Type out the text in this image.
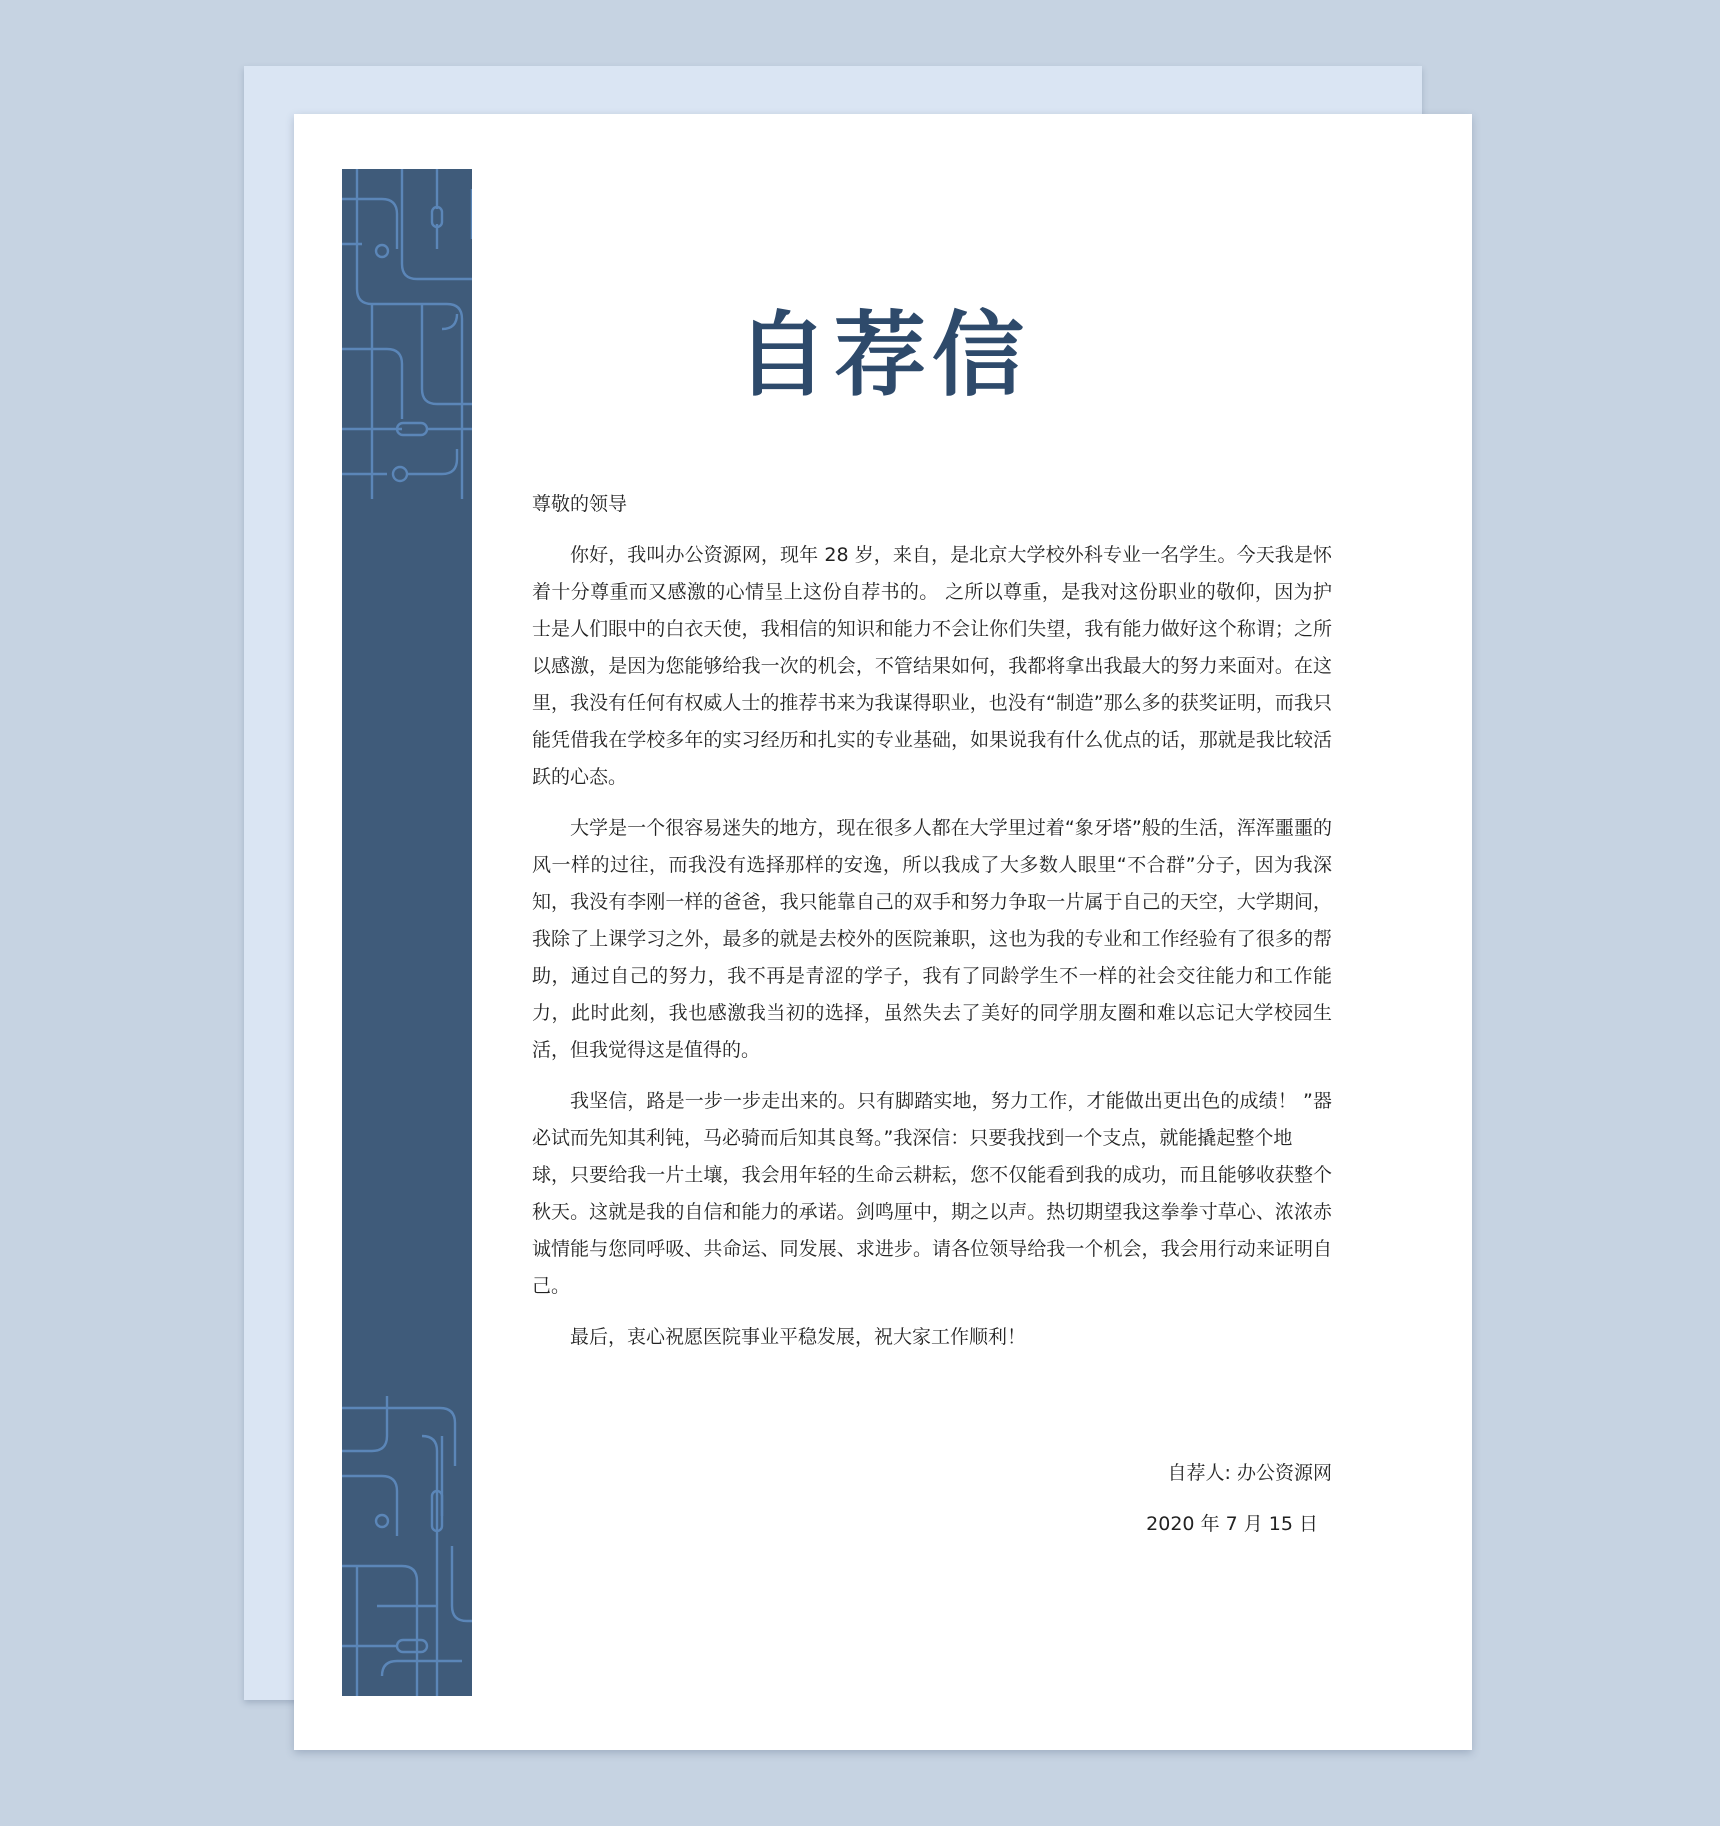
自荐信

尊敬的领导

你好，我叫办公资源网，现年 28 岁，来自，是北京大学校外科专业一名学生。今天我是怀着十分尊重而又感激的心情呈上这份自荐书的。 之所以尊重，是我对这份职业的敬仰，因为护士是人们眼中的白衣天使，我相信的知识和能力不会让你们失望，我有能力做好这个称谓；之所以感激，是因为您能够给我一次的机会，不管结果如何，我都将拿出我最大的努力来面对。在这里，我没有任何有权威人士的推荐书来为我谋得职业，也没有“制造”那么多的获奖证明，而我只能凭借我在学校多年的实习经历和扎实的专业基础，如果说我有什么优点的话，那就是我比较活跃的心态。

大学是一个很容易迷失的地方，现在很多人都在大学里过着“象牙塔”般的生活，浑浑噩噩的风一样的过往，而我没有选择那样的安逸，所以我成了大多数人眼里“不合群”分子，因为我深知，我没有李刚一样的爸爸，我只能靠自己的双手和努力争取一片属于自己的天空，大学期间，我除了上课学习之外，最多的就是去校外的医院兼职，这也为我的专业和工作经验有了很多的帮助，通过自己的努力，我不再是青涩的学子，我有了同龄学生不一样的社会交往能力和工作能力，此时此刻，我也感激我当初的选择，虽然失去了美好的同学朋友圈和难以忘记大学校园生活，但我觉得这是值得的。

我坚信，路是一步一步走出来的。只有脚踏实地，努力工作，才能做出更出色的成绩！ ”器必试而先知其利钝，马必骑而后知其良驽。”我深信：只要我找到一个支点，就能撬起整个地

球，只要给我一片土壤，我会用年轻的生命云耕耘，您不仅能看到我的成功，而且能够收获整个秋天。这就是我的自信和能力的承诺。剑鸣厘中，期之以声。热切期望我这拳拳寸草心、浓浓赤诚情能与您同呼吸、共命运、同发展、求进步。请各位领导给我一个机会，我会用行动来证明自己。

最后，衷心祝愿医院事业平稳发展，祝大家工作顺利！

自荐人: 办公资源网
2020 年 7 月 15 日
